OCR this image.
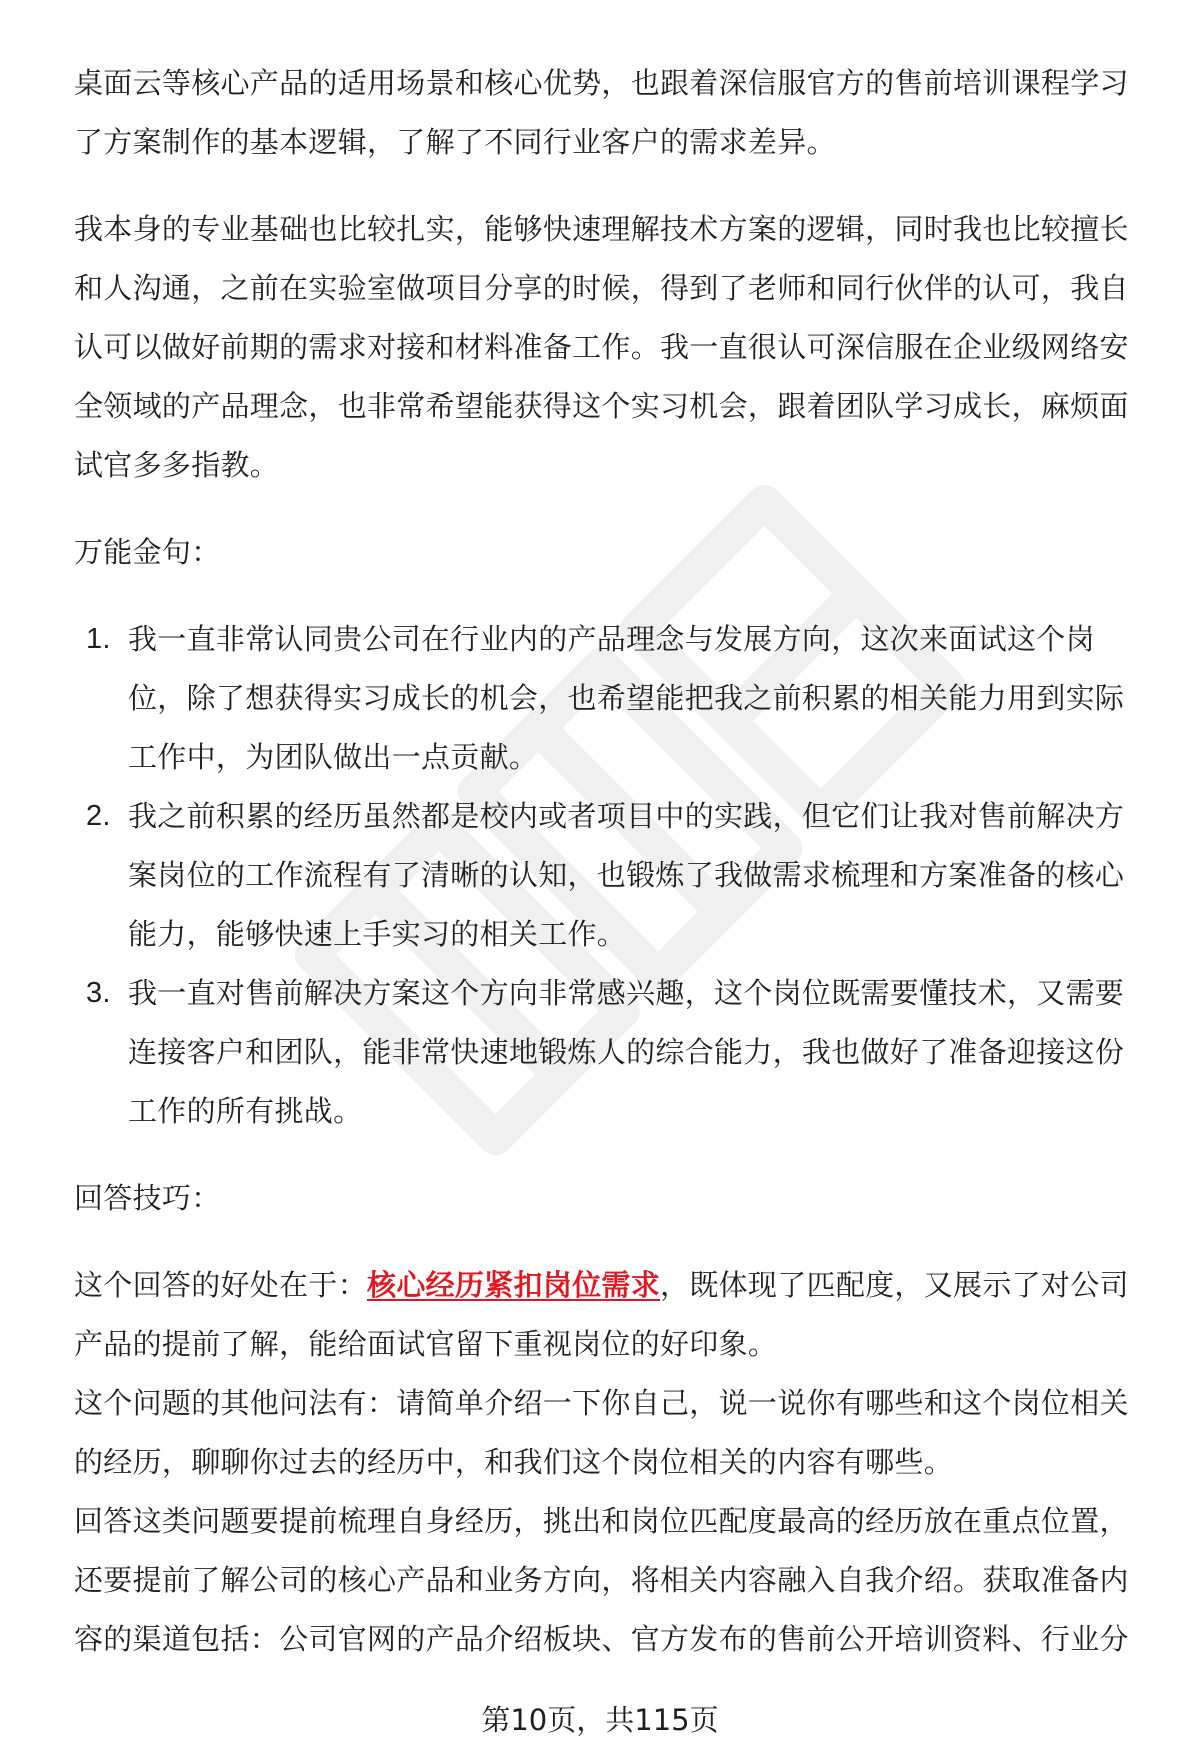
桌面云等核心产品的适用场景和核心优势，也跟着深信服官方的售前培训课程学习
了方案制作的基本逻辑，了解了不同行业客户的需求差异。

我本身的专业基础也比较扎实，能够快速理解技术方案的逻辑，同时我也比较擅长
和人沟通，之前在实验室做项目分享的时候，得到了老师和同行伙伴的认可，我自
认可以做好前期的需求对接和材料准备工作。我一直很认可深信服在企业级网络安
全领域的产品理念，也非常希望能获得这个实习机会，跟着团队学习成长，麻烦面
试官多多指教。

万能金句：

1. 我一直非常认同贵公司在行业内的产品理念与发展方向，这次来面试这个岗
位，除了想获得实习成长的机会，也希望能把我之前积累的相关能力用到实际
工作中，为团队做出一点贡献。
2. 我之前积累的经历虽然都是校内或者项目中的实践，但它们让我对售前解决方
案岗位的工作流程有了清晰的认知，也锻炼了我做需求梳理和方案准备的核心
能力，能够快速上手实习的相关工作。
3. 我一直对售前解决方案这个方向非常感兴趣，这个岗位既需要懂技术，又需要
连接客户和团队，能非常快速地锻炼人的综合能力，我也做好了准备迎接这份
工作的所有挑战。

回答技巧：

这个回答的好处在于：核心经历紧扣岗位需求，既体现了匹配度，又展示了对公司
产品的提前了解，能给面试官留下重视岗位的好印象。

这个问题的其他问法有：请简单介绍一下你自己，说一说你有哪些和这个岗位相关
的经历，聊聊你过去的经历中，和我们这个岗位相关的内容有哪些。

回答这类问题要提前梳理自身经历，挑出和岗位匹配度最高的经历放在重点位置，
还要提前了解公司的核心产品和业务方向，将相关内容融入自我介绍。获取准备内
容的渠道包括：公司官网的产品介绍板块、官方发布的售前公开培训资料、行业分

第10页，共115页
